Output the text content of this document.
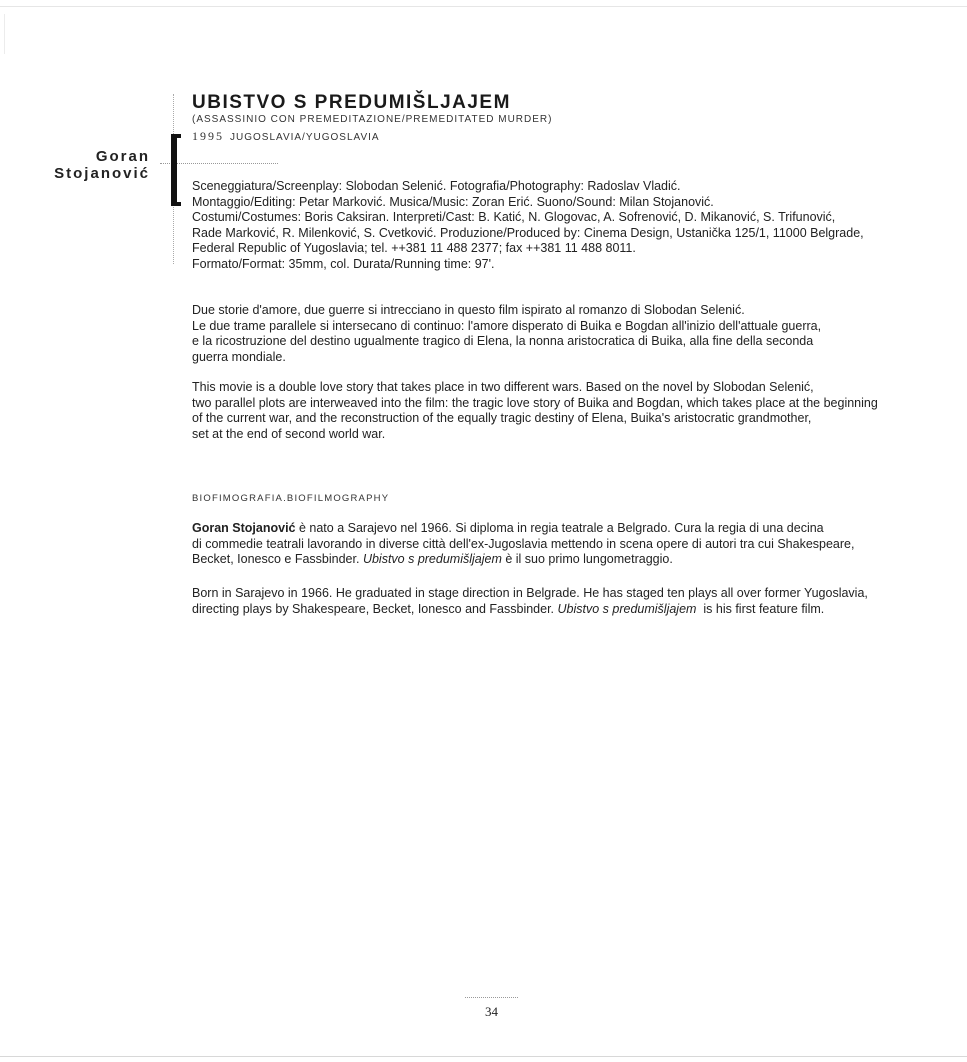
Goran
Stojanović
UBISTVO S PREDUMIŠLJAJEM
(ASSASSINIO CON PREMEDITAZIONE/PREMEDITATED MURDER)
1995 JUGOSLAVIA/YUGOSLAVIA
Sceneggiatura/Screenplay: Slobodan Selenić. Fotografia/Photography: Radoslav Vladić.
Montaggio/Editing: Petar Marković. Musica/Music: Zoran Erić. Suono/Sound: Milan Stojanović.
Costumi/Costumes: Boris Caksiran. Interpreti/Cast: B. Katić, N. Glogovac, A. Sofrenović, D. Mikanović, S. Trifunović,
Rade Marković, R. Milenković, S. Cvetković. Produzione/Produced by: Cinema Design, Ustanička 125/1, 11000 Belgrade,
Federal Republic of Yugoslavia; tel. ++381 11 488 2377; fax ++381 11 488 8011.
Formato/Format: 35mm, col. Durata/Running time: 97'.
Due storie d'amore, due guerre si intrecciano in questo film ispirato al romanzo di Slobodan Selenić.
Le due trame parallele si intersecano di continuo: l'amore disperato di Buika e Bogdan all'inizio dell'attuale guerra,
e la ricostruzione del destino ugualmente tragico di Elena, la nonna aristocratica di Buika, alla fine della seconda
guerra mondiale.
This movie is a double love story that takes place in two different wars. Based on the novel by Slobodan Selenić,
two parallel plots are interweaved into the film: the tragic love story of Buika and Bogdan, which takes place at the beginning
of the current war, and the reconstruction of the equally tragic destiny of Elena, Buika's aristocratic grandmother,
set at the end of second world war.
BIOFIMOGRAFIA.BIOFILMOGRAPHY
Goran Stojanović è nato a Sarajevo nel 1966. Si diploma in regia teatrale a Belgrado. Cura la regia di una decina
di commedie teatrali lavorando in diverse città dell'ex-Jugoslavia mettendo in scena opere di autori tra cui Shakespeare,
Becket, Ionesco e Fassbinder. Ubistvo s predumišljajem è il suo primo lungometraggio.
Born in Sarajevo in 1966. He graduated in stage direction in Belgrade. He has staged ten plays all over former Yugoslavia,
directing plays by Shakespeare, Becket, Ionesco and Fassbinder. Ubistvo s predumišljajem  is his first feature film.
34
